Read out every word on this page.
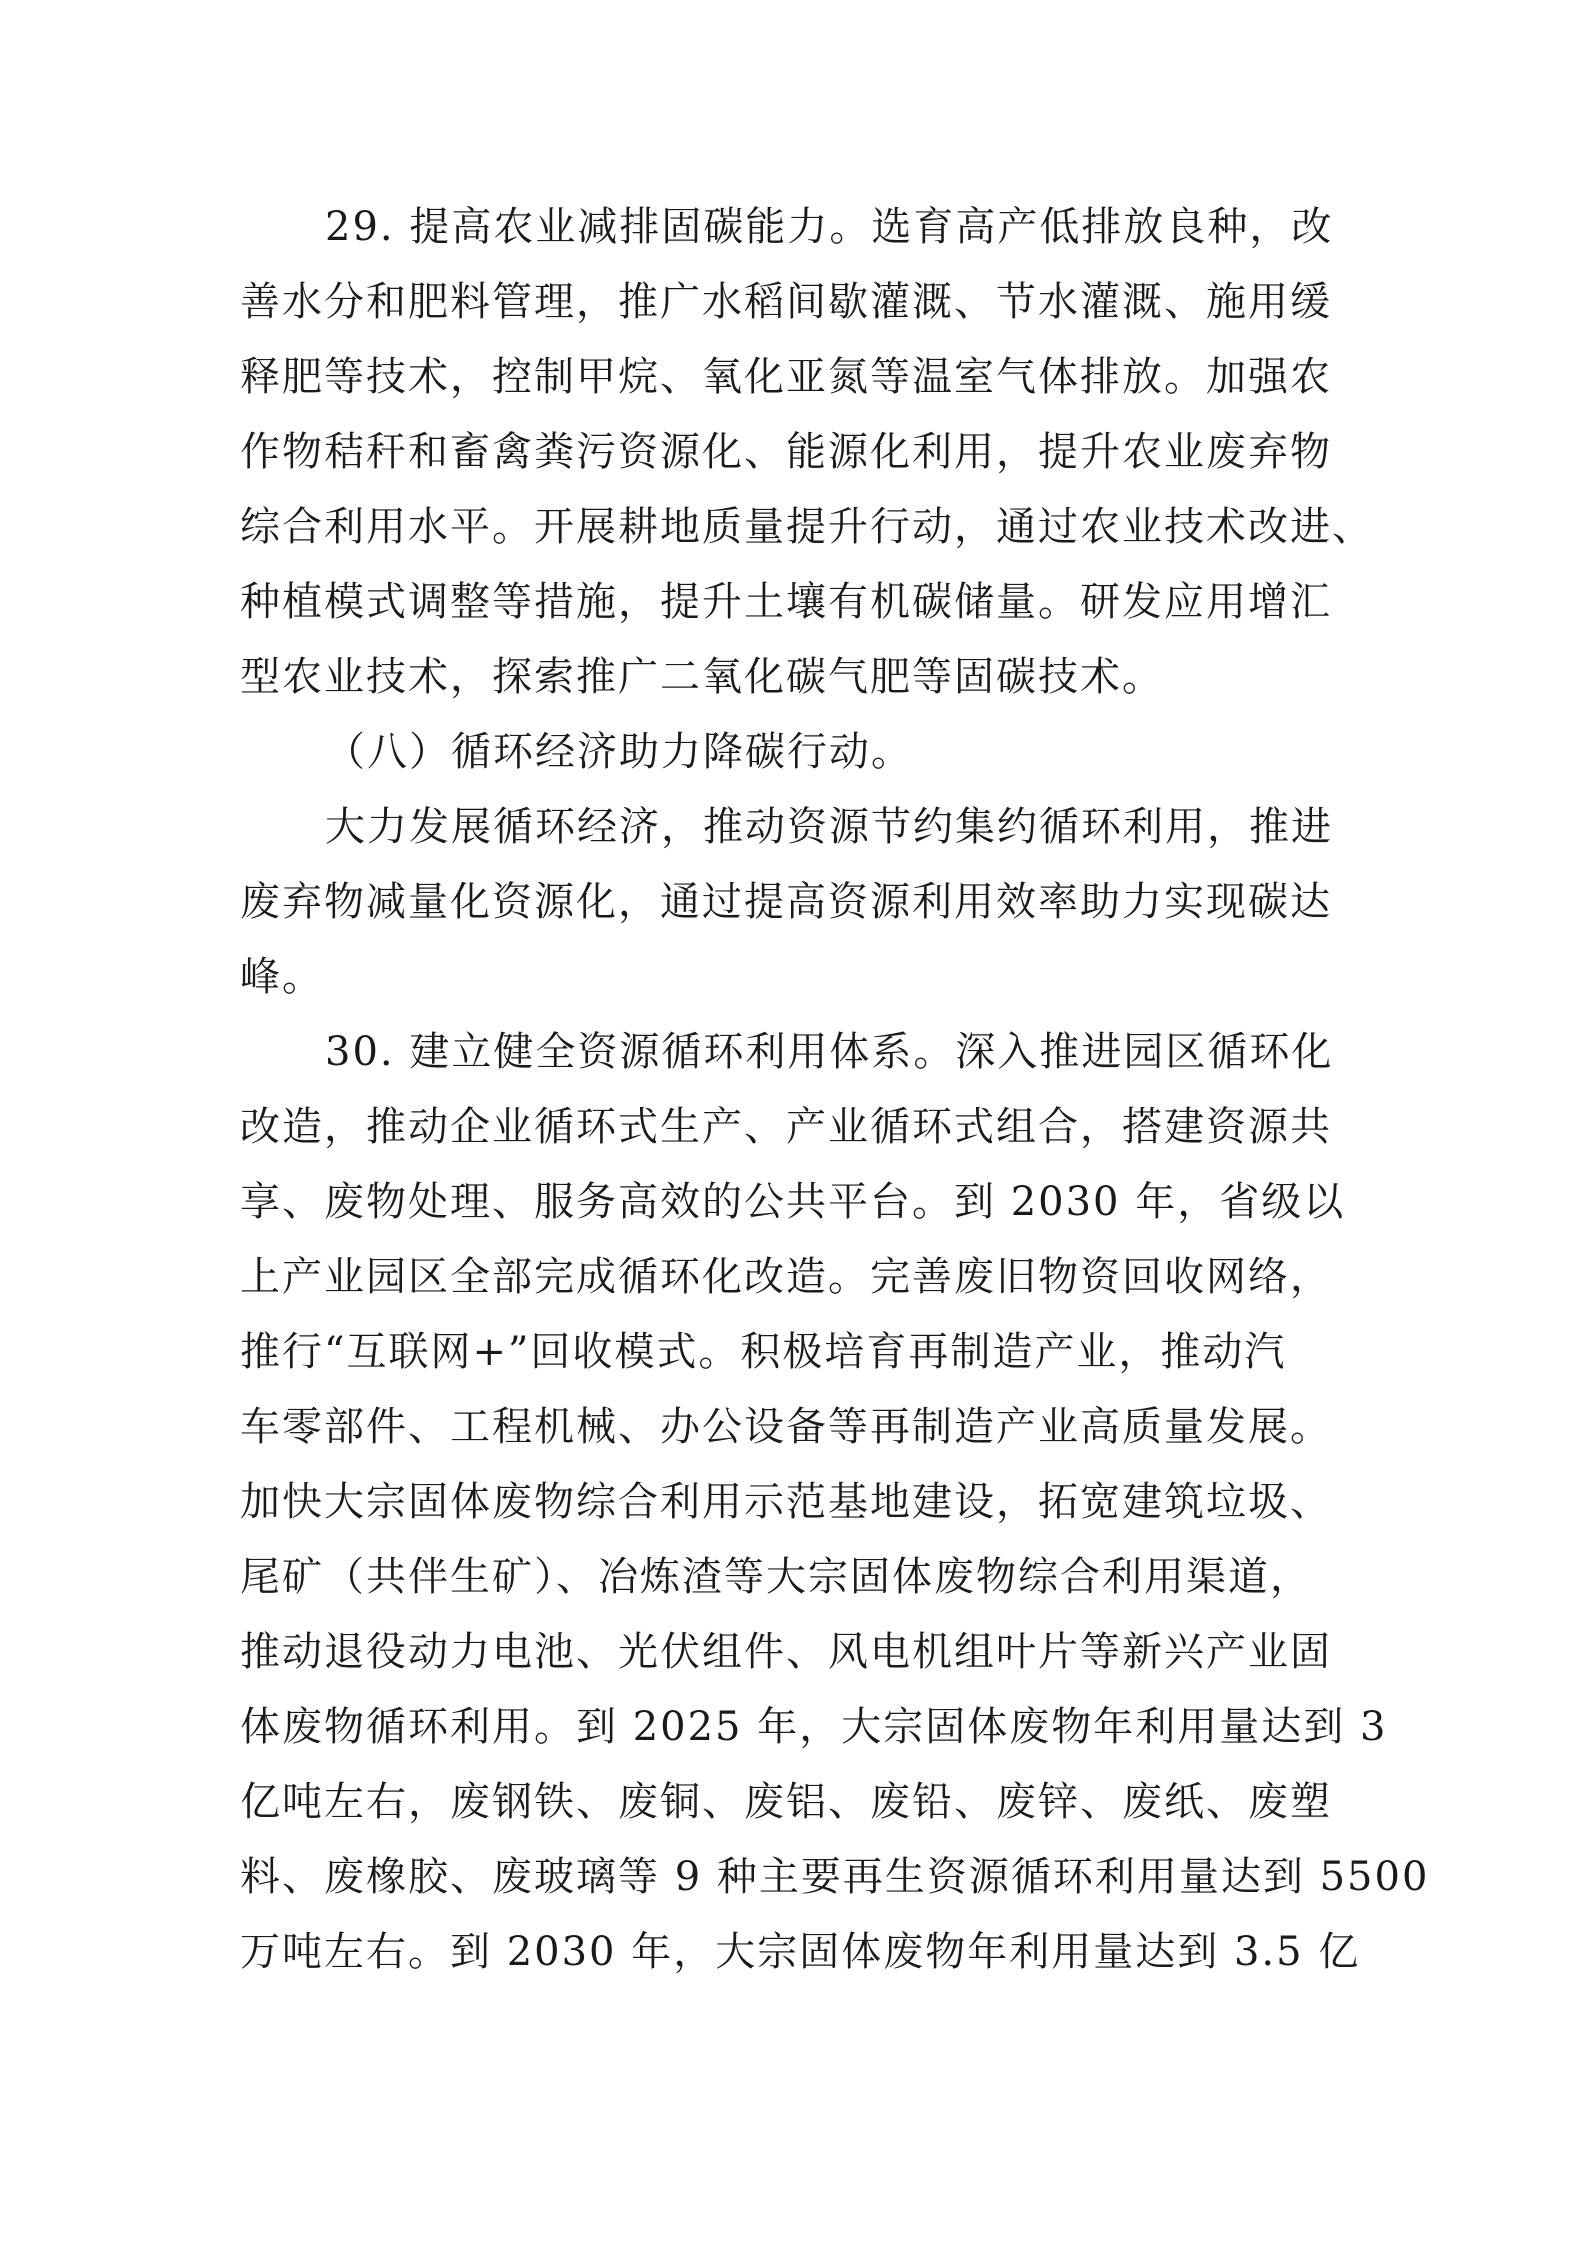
29. 提高农业减排固碳能力。选育高产低排放良种，改
善水分和肥料管理，推广水稻间歇灌溉、节水灌溉、施用缓
释肥等技术，控制甲烷、氧化亚氮等温室气体排放。加强农
作物秸秆和畜禽粪污资源化、能源化利用，提升农业废弃物
综合利用水平。开展耕地质量提升行动，通过农业技术改进、
种植模式调整等措施，提升土壤有机碳储量。研发应用增汇
型农业技术，探索推广二氧化碳气肥等固碳技术。
（八）循环经济助力降碳行动。
大力发展循环经济，推动资源节约集约循环利用，推进
废弃物减量化资源化，通过提高资源利用效率助力实现碳达
峰。
30. 建立健全资源循环利用体系。深入推进园区循环化
改造，推动企业循环式生产、产业循环式组合，搭建资源共
享、废物处理、服务高效的公共平台。到 2030 年，省级以
上产业园区全部完成循环化改造。完善废旧物资回收网络，
推行“互联网+”回收模式。积极培育再制造产业，推动汽
车零部件、工程机械、办公设备等再制造产业高质量发展。
加快大宗固体废物综合利用示范基地建设，拓宽建筑垃圾、
尾矿（共伴生矿）、冶炼渣等大宗固体废物综合利用渠道，
推动退役动力电池、光伏组件、风电机组叶片等新兴产业固
体废物循环利用。到 2025 年，大宗固体废物年利用量达到 3
亿吨左右，废钢铁、废铜、废铝、废铅、废锌、废纸、废塑
料、废橡胶、废玻璃等 9 种主要再生资源循环利用量达到 5500
万吨左右。到 2030 年，大宗固体废物年利用量达到 3.5 亿
